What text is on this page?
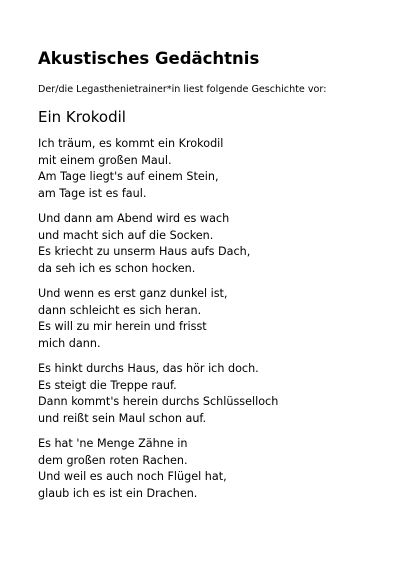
Akustisches Gedächtnis
Der/die Legasthenietrainer*in liest folgende Geschichte vor:
Ein Krokodil
Ich träum, es kommt ein Krokodil
mit einem großen Maul.
Am Tage liegt's auf einem Stein,
am Tage ist es faul.
Und dann am Abend wird es wach
und macht sich auf die Socken.
Es kriecht zu unserm Haus aufs Dach,
da seh ich es schon hocken.
Und wenn es erst ganz dunkel ist,
dann schleicht es sich heran.
Es will zu mir herein und frisst
mich dann.
Es hinkt durchs Haus, das hör ich doch.
Es steigt die Treppe rauf.
Dann kommt's herein durchs Schlüsselloch
und reißt sein Maul schon auf.
Es hat 'ne Menge Zähne in
dem großen roten Rachen.
Und weil es auch noch Flügel hat,
glaub ich es ist ein Drachen.
